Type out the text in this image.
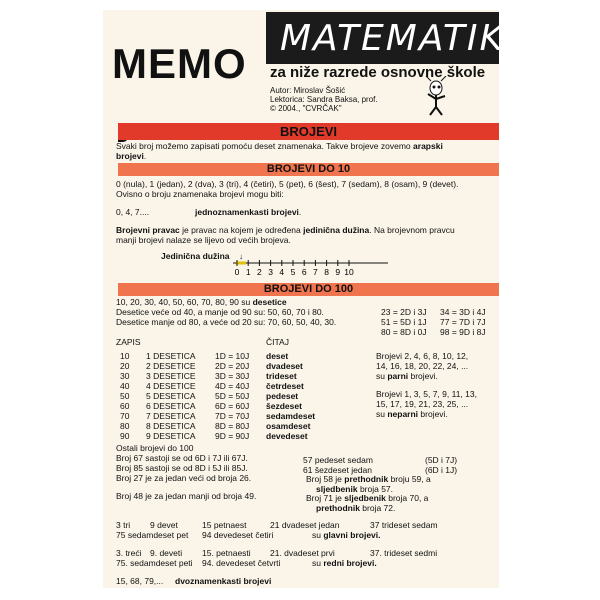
MEMO
MATEMATIKA
za niže razrede osnovne škole
Autor: Miroslav Šošić
Lektorica: Sandra Baksa, prof.
© 2004., "CVRČAK"
BROJEVI
Svaki broj možemo zapisati pomoću deset znamenaka. Takve brojeve zovemo arapski
brojevi.
BROJEVI DO 10
0 (nula), 1 (jedan), 2 (dva), 3 (tri), 4 (četiri), 5 (pet), 6 (šest), 7 (sedam), 8 (osam), 9 (devet).
Ovisno o broju znamenaka brojevi mogu biti:
0, 4, 7....	jednoznamenkasti brojevi.
Brojevni pravac je pravac na kojem je određena jedinična dužina. Na brojevnom pravcu
manji brojevi nalaze se lijevo od većih brojeva.
Jedinična dužina ↓
0 1 2 3 4 5 6 7 8 9 10
BROJEVI DO 100
10, 20, 30, 40, 50, 60, 70, 80, 90 su desetice
Desetice veće od 40, a manje od 90 su: 50, 60, 70 i 80.
Desetice manje od 80, a veće od 20 su: 70, 60, 50, 40, 30.
23 = 2D i 3J 34 = 3D i 4J
51 = 5D i 1J 77 = 7D i 7J
80 = 8D i 0J 98 = 9D i 8J
ZAPIS	ČITAJ
10 1 DESETICA 1D = 10J deset
20 2 DESETICE 2D = 20J dvadeset
30 3 DESETICE 3D = 30J trideset
40 4 DESETICE 4D = 40J četrdeset
50 5 DESETICA 5D = 50J pedeset
60 6 DESETICA 6D = 60J šezdeset
70 7 DESETICA 7D = 70J sedamdeset
80 8 DESETICA 8D = 80J osamdeset
90 9 DESETICA 9D = 90J devedeset
Brojevi 2, 4, 6, 8, 10, 12,
14, 16, 18, 20, 22, 24, ...
su parni brojevi.
Brojevi 1, 3, 5, 7, 9, 11, 13,
15, 17, 19, 21, 23, 25, ...
su neparni brojevi.
Ostali brojevi do 100
Broj 67 sastoji se od 6D i 7J ili 67J.
Broj 85 sastoji se od 8D i 5J ili 85J.
Broj 27 je za jedan veći od broja 26.
Broj 48 je za jedan manji od broja 49.
57 pedeset sedam	(5D i 7J)
61 šezdeset jedan	(6D i 1J)
Broj 58 je prethodnik broju 59, a
sljedbenik broja 57.
Broj 71 je sljedbenik broja 70, a
prethodnik broja 72.
3 tri 9 devet	15 petnaest	21 dvadeset jedan	37 trideset sedam
75 sedamdeset pet 94 devedeset četiri	su glavni brojevi.
3. treći 9. deveti 15. petnaesti 21. dvadeset prvi	37. trideset sedmi
75. sedamdeset peti 94. devedeset četvrti	su redni brojevi.
15, 68, 79,... dvoznamenkasti brojevi
